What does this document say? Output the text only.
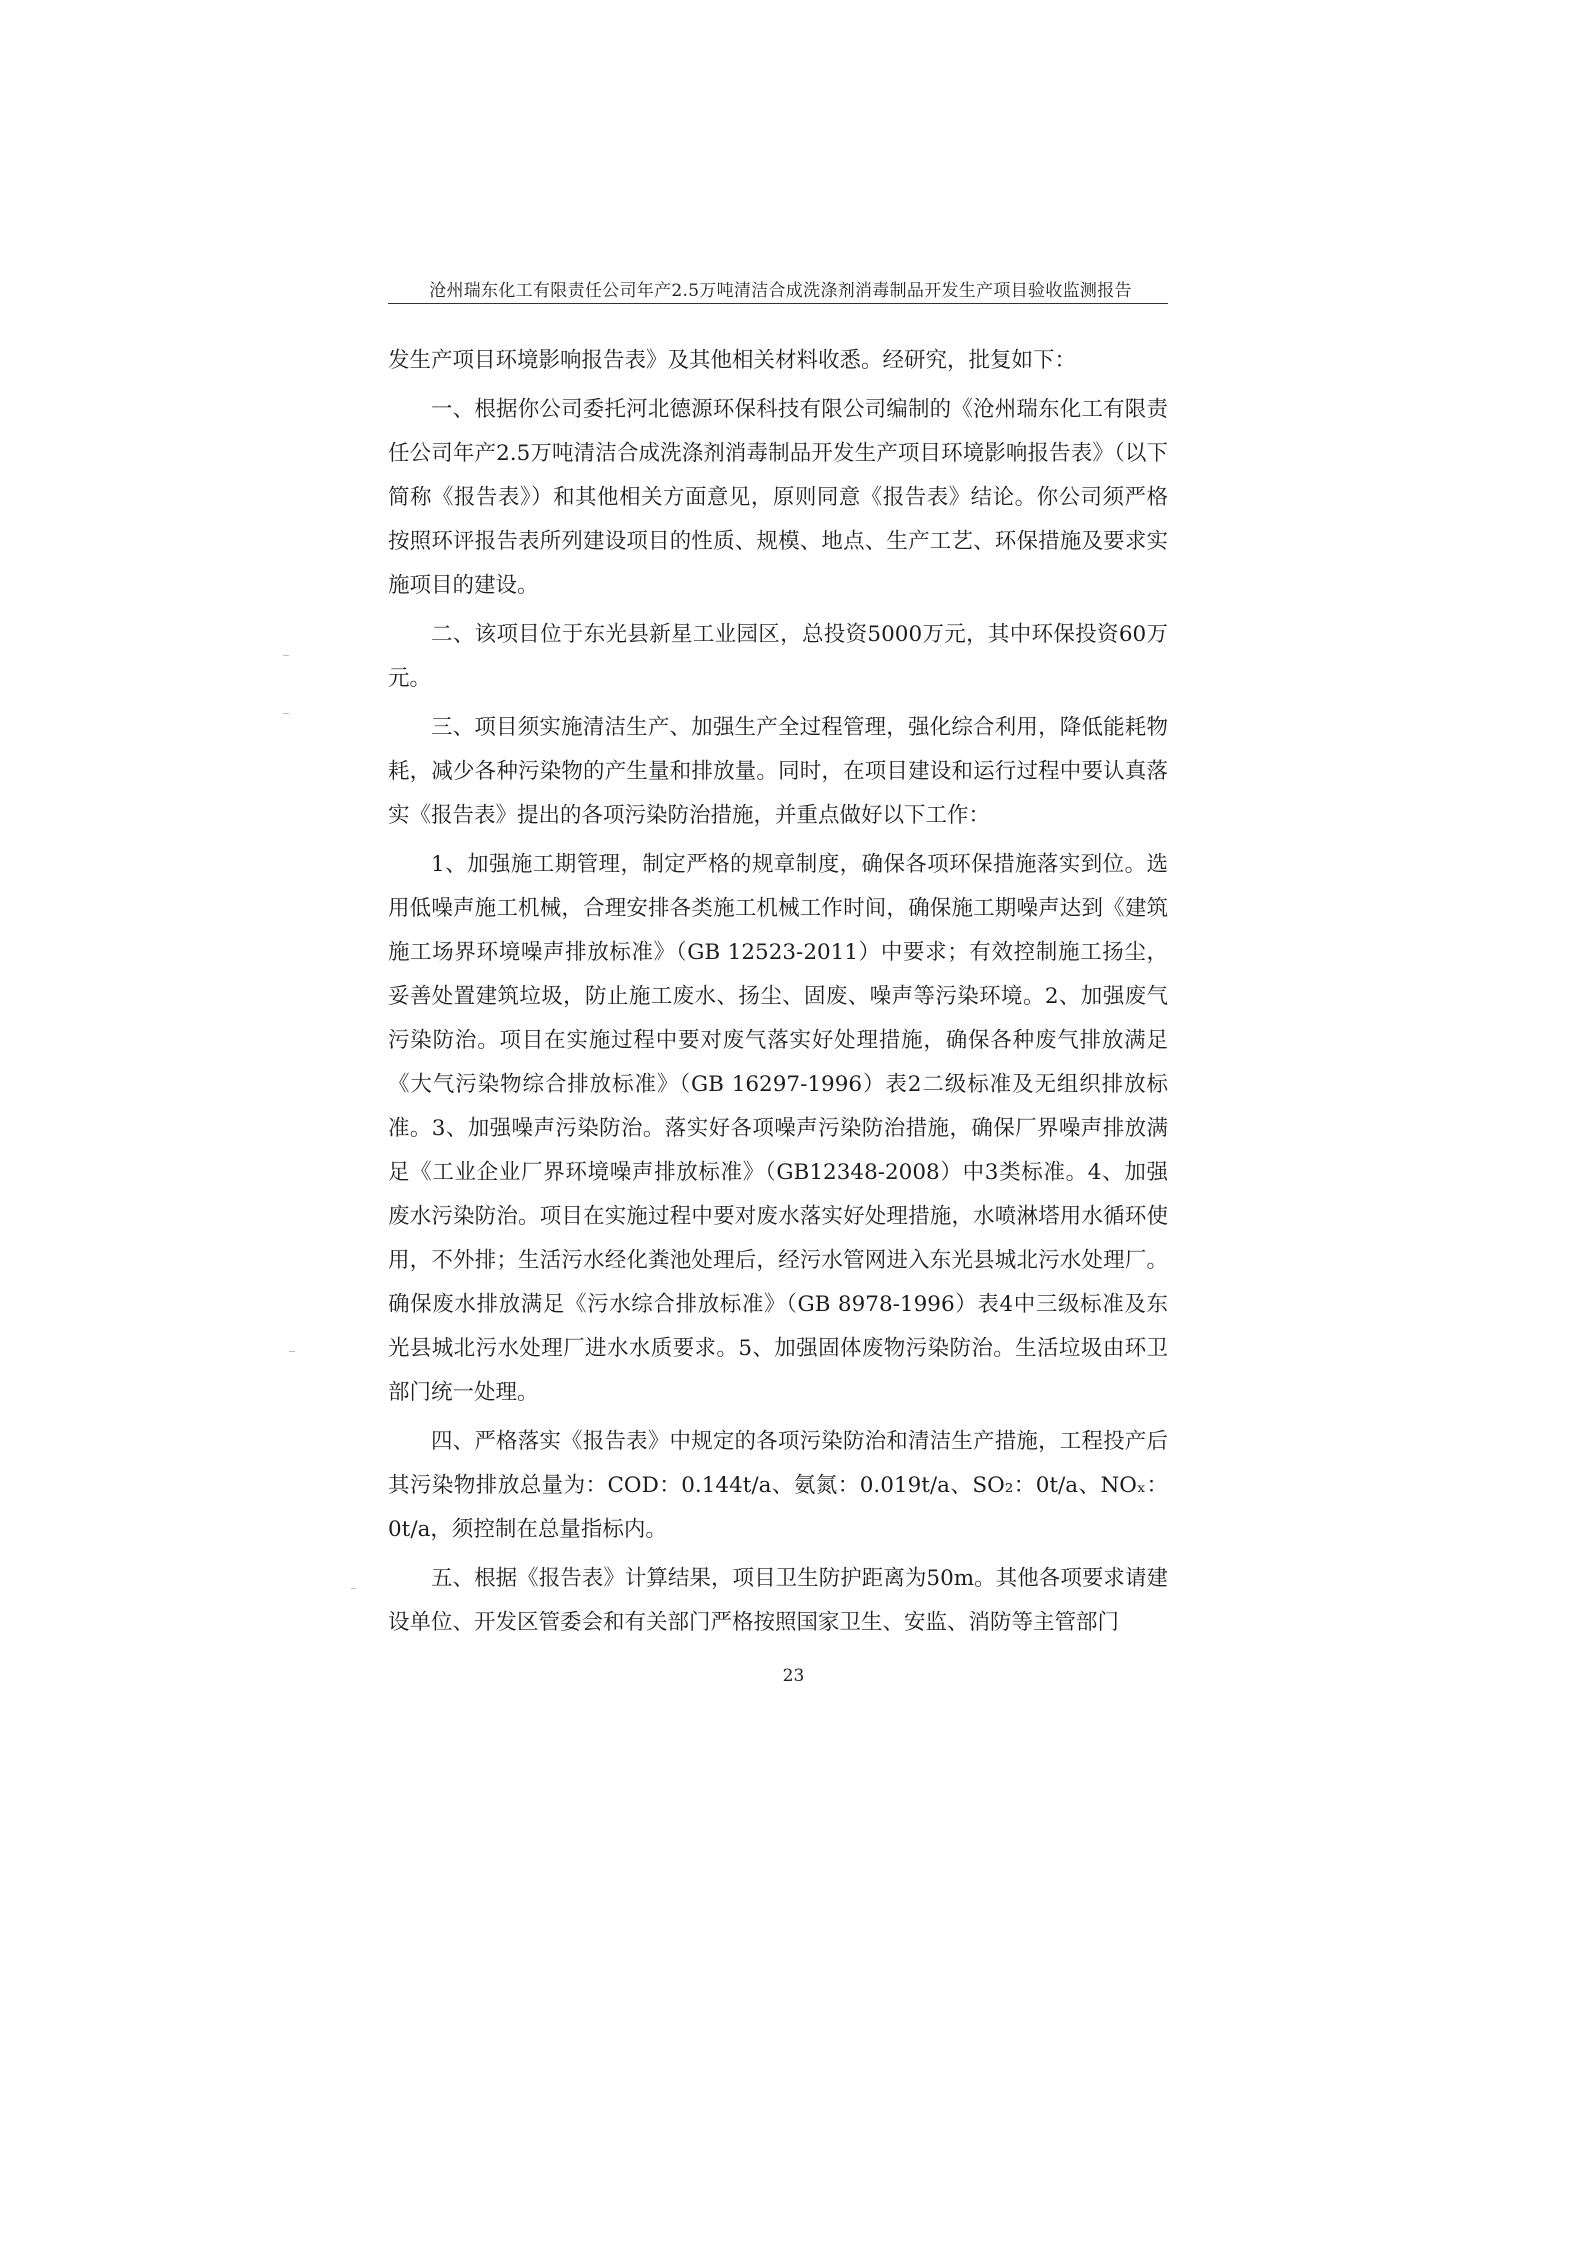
沧州瑞东化工有限责任公司年产2.5万吨清洁合成洗涤剂消毒制品开发生产项目验收监测报告

发生产项目环境影响报告表》及其他相关材料收悉。经研究，批复如下：

一、根据你公司委托河北德源环保科技有限公司编制的《沧州瑞东化工有限责任公司年产2.5万吨清洁合成洗涤剂消毒制品开发生产项目环境影响报告表》（以下简称《报告表》）和其他相关方面意见，原则同意《报告表》结论。你公司须严格按照环评报告表所列建设项目的性质、规模、地点、生产工艺、环保措施及要求实施项目的建设。

二、该项目位于东光县新星工业园区，总投资5000万元，其中环保投资60万元。

三、项目须实施清洁生产、加强生产全过程管理，强化综合利用，降低能耗物耗，减少各种污染物的产生量和排放量。同时，在项目建设和运行过程中要认真落实《报告表》提出的各项污染防治措施，并重点做好以下工作：

1、加强施工期管理，制定严格的规章制度，确保各项环保措施落实到位。选用低噪声施工机械，合理安排各类施工机械工作时间，确保施工期噪声达到《建筑施工场界环境噪声排放标准》（GB 12523-2011）中要求；有效控制施工扬尘，妥善处置建筑垃圾，防止施工废水、扬尘、固废、噪声等污染环境。2、加强废气污染防治。项目在实施过程中要对废气落实好处理措施，确保各种废气排放满足《大气污染物综合排放标准》（GB 16297-1996）表2二级标准及无组织排放标准。3、加强噪声污染防治。落实好各项噪声污染防治措施，确保厂界噪声排放满足《工业企业厂界环境噪声排放标准》（GB12348-2008）中3类标准。4、加强废水污染防治。项目在实施过程中要对废水落实好处理措施，水喷淋塔用水循环使用，不外排；生活污水经化粪池处理后，经污水管网进入东光县城北污水处理厂。确保废水排放满足《污水综合排放标准》（GB 8978-1996）表4中三级标准及东光县城北污水处理厂进水水质要求。5、加强固体废物污染防治。生活垃圾由环卫部门统一处理。

四、严格落实《报告表》中规定的各项污染防治和清洁生产措施，工程投产后其污染物排放总量为：COD：0.144t/a、氨氮：0.019t/a、SO₂：0t/a、NOₓ：0t/a，须控制在总量指标内。

五、根据《报告表》计算结果，项目卫生防护距离为50m。其他各项要求请建设单位、开发区管委会和有关部门严格按照国家卫生、安监、消防等主管部门

23
